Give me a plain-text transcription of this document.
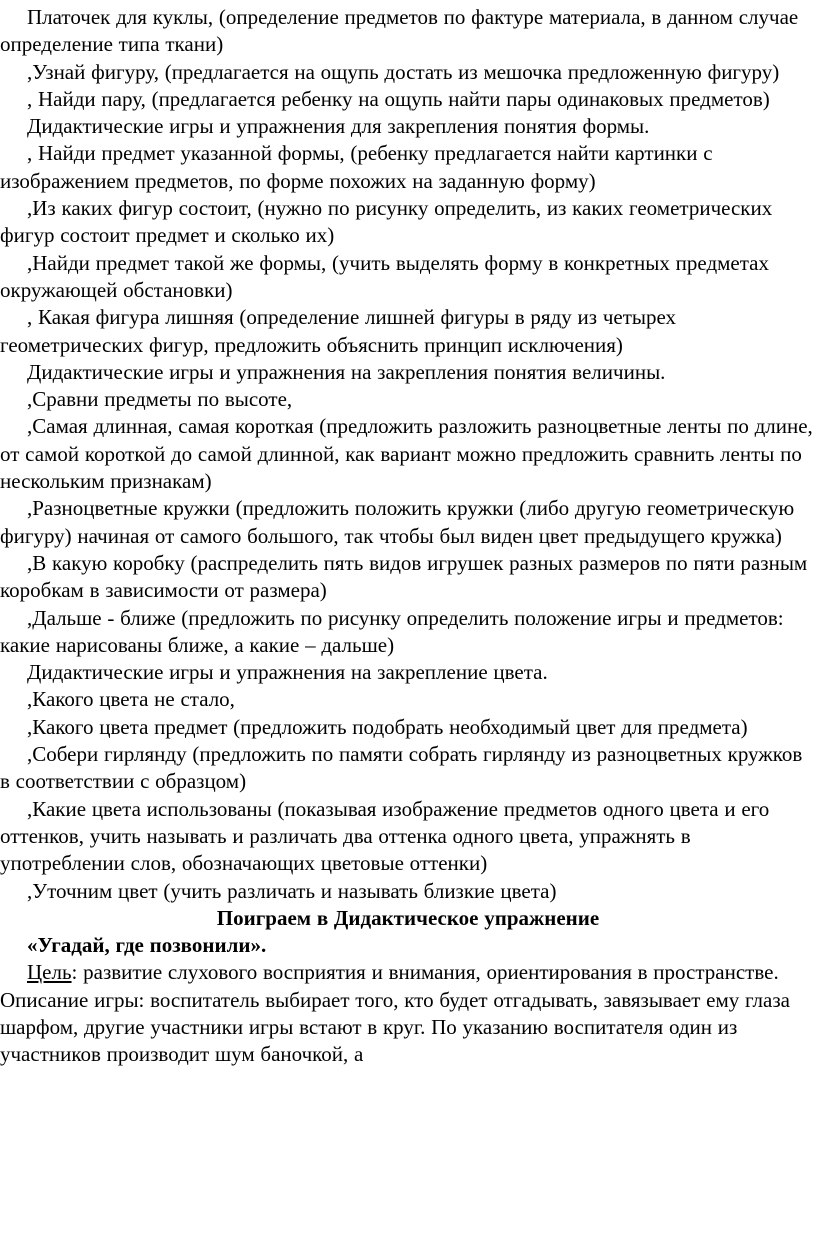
Платочек для куклы, (определение предметов по фактуре материала, в данном случае определение типа ткани)

,Узнай фигуру, (предлагается на ощупь достать из мешочка предложенную фигуру)

, Найди пару, (предлагается ребенку на ощупь найти пары одинаковых предметов)

Дидактические игры и упражнения для закрепления понятия формы.

, Найди предмет указанной формы, (ребенку предлагается найти картинки с изображением предметов, по форме похожих на заданную форму)

,Из каких фигур состоит, (нужно по рисунку определить, из каких геометрических фигур состоит предмет и сколько их)

,Найди предмет такой же формы, (учить выделять форму в конкретных предметах окружающей обстановки)

, Какая фигура лишняя (определение лишней фигуры в ряду из четырех геометрических фигур, предложить объяснить принцип исключения)

Дидактические игры и упражнения на закрепления понятия величины.

,Сравни предметы по высоте,

,Самая длинная, самая короткая (предложить разложить разноцветные ленты по длине, от самой короткой до самой длинной, как вариант можно предложить сравнить ленты по нескольким признакам)

,Разноцветные кружки (предложить положить кружки (либо другую геометрическую фигуру) начиная от самого большого, так чтобы был виден цвет предыдущего кружка)

,В какую коробку (распределить пять видов игрушек разных размеров по пяти разным коробкам в зависимости от размера)

,Дальше - ближе (предложить по рисунку определить положение игры и предметов: какие нарисованы ближе, а какие – дальше)

Дидактические игры и упражнения на закрепление цвета.

,Какого цвета не стало,

,Какого цвета предмет (предложить подобрать необходимый цвет для предмета)

,Собери гирлянду (предложить по памяти собрать гирлянду из разноцветных кружков в соответствии с образцом)

,Какие цвета использованы (показывая изображение предметов одного цвета и его оттенков, учить называть и различать два оттенка одного цвета, упражнять в употреблении слов, обозначающих цветовые оттенки)

,Уточним цвет (учить различать и называть близкие цвета)

Поиграем в Дидактическое упражнение

«Угадай, где позвонили».

Цель: развитие слухового восприятия и внимания, ориентирования в пространстве.

Описание игры: воспитатель выбирает того, кто будет отгадывать, завязывает ему глаза шарфом, другие участники игры встают в круг. По указанию воспитателя один из участников производит шум баночкой, а
